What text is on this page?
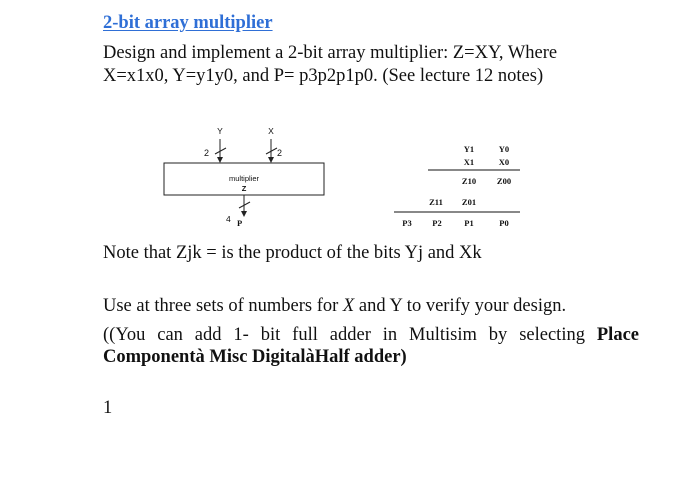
2-bit array multiplier
Design and implement a 2-bit array multiplier: Z=XY, Where
X=x1x0, Y=y1y0, and P= p3p2p1p0. (See lecture 12 notes)
Y	X
2	2
multiplier
Z
4 P
Y1	Y0
X1	X0
Z10 Z00
Z11 Z01
P3 P2	P1	P0
Note that Zjk = is the product of the bits Yj and Xk
Use at three sets of numbers for X and Y to verify your design.
((You can add 1- bit full adder in Multisim by selecting Place Componentà Misc DigitalàHalf adder)
1
